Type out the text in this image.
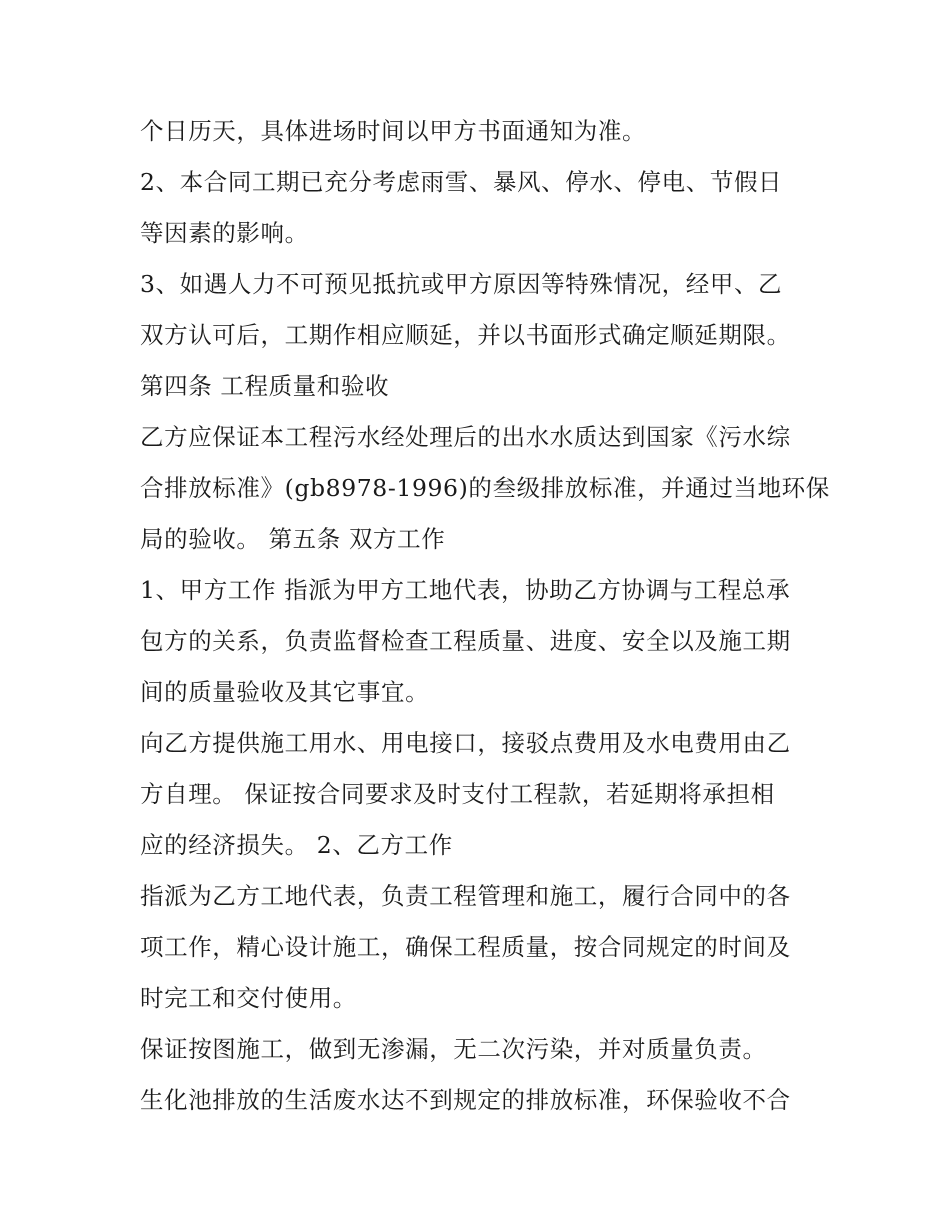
个日历天，具体进场时间以甲方书面通知为准。
2、本合同工期已充分考虑雨雪、暴风、停水、停电、节假日
等因素的影响。
3、如遇人力不可预见抵抗或甲方原因等特殊情况，经甲、乙
双方认可后，工期作相应顺延，并以书面形式确定顺延期限。
第四条 工程质量和验收
乙方应保证本工程污水经处理后的出水水质达到国家《污水综
合排放标准》(gb8978-1996)的叁级排放标准，并通过当地环保
局的验收。 第五条 双方工作
1、甲方工作 指派为甲方工地代表，协助乙方协调与工程总承
包方的关系，负责监督检查工程质量、进度、安全以及施工期
间的质量验收及其它事宜。
向乙方提供施工用水、用电接口，接驳点费用及水电费用由乙
方自理。 保证按合同要求及时支付工程款，若延期将承担相
应的经济损失。 2、乙方工作
指派为乙方工地代表，负责工程管理和施工，履行合同中的各
项工作，精心设计施工，确保工程质量，按合同规定的时间及
时完工和交付使用。
保证按图施工，做到无渗漏，无二次污染，并对质量负责。
生化池排放的生活废水达不到规定的排放标准，环保验收不合
